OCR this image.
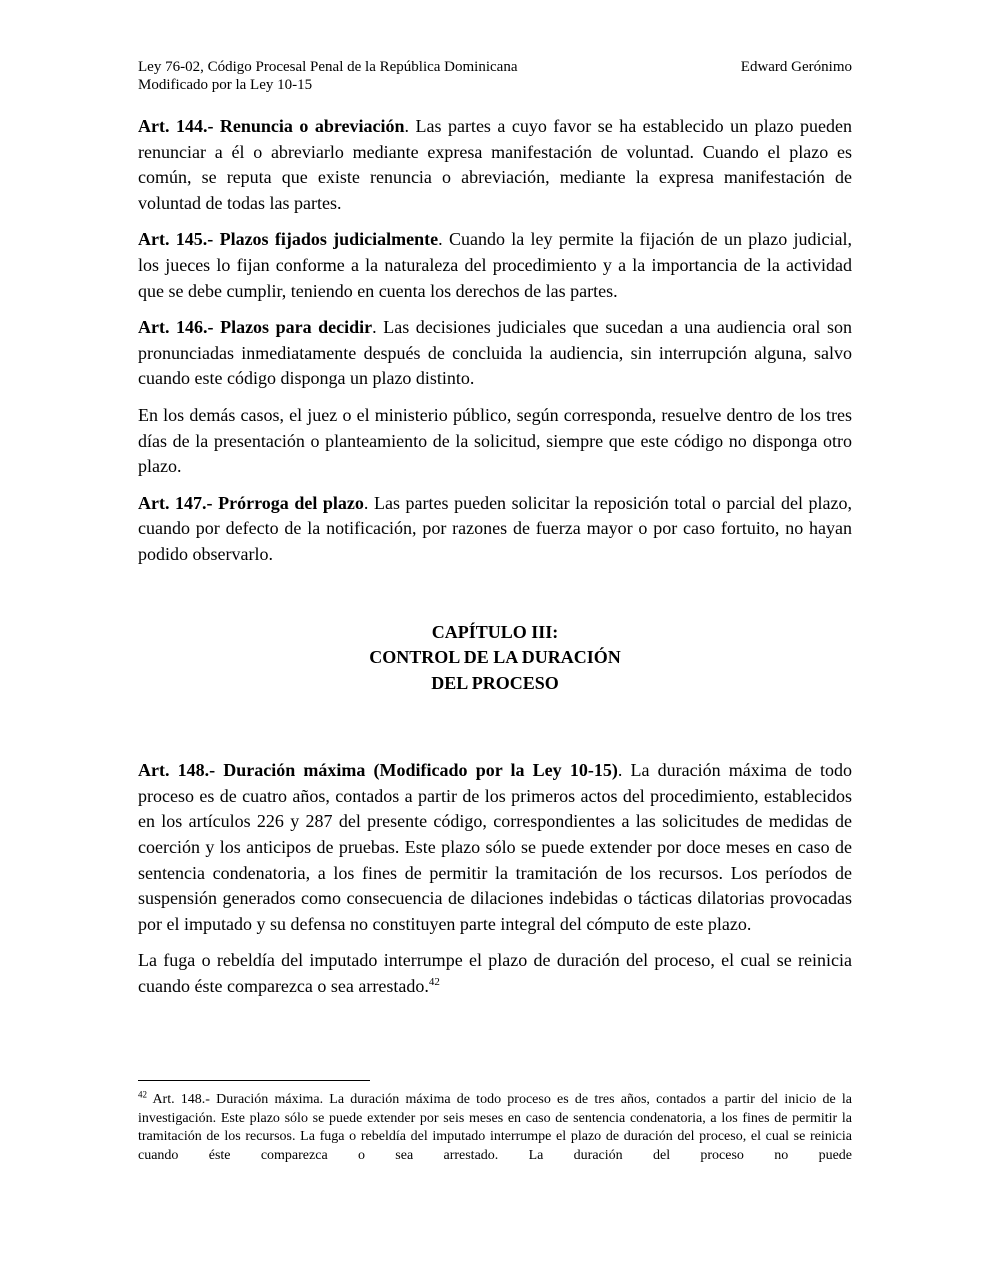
Ley 76-02, Código Procesal Penal de la República Dominicana	Edward Gerónimo
Modificado por la Ley 10-15

Art. 144.- Renuncia o abreviación. Las partes a cuyo favor se ha establecido un plazo pueden renunciar a él o abreviarlo mediante expresa manifestación de voluntad. Cuando el plazo es común, se reputa que existe renuncia o abreviación, mediante la expresa manifestación de voluntad de todas las partes.

Art. 145.- Plazos fijados judicialmente. Cuando la ley permite la fijación de un plazo judicial, los jueces lo fijan conforme a la naturaleza del procedimiento y a la importancia de la actividad que se debe cumplir, teniendo en cuenta los derechos de las partes.

Art. 146.- Plazos para decidir. Las decisiones judiciales que sucedan a una audiencia oral son pronunciadas inmediatamente después de concluida la audiencia, sin interrupción alguna, salvo cuando este código disponga un plazo distinto.

En los demás casos, el juez o el ministerio público, según corresponda, resuelve dentro de los tres días de la presentación o planteamiento de la solicitud, siempre que este código no disponga otro plazo.

Art. 147.- Prórroga del plazo. Las partes pueden solicitar la reposición total o parcial del plazo, cuando por defecto de la notificación, por razones de fuerza mayor o por caso fortuito, no hayan podido observarlo.

CAPÍTULO III:
CONTROL DE LA DURACIÓN
DEL PROCESO

Art. 148.- Duración máxima (Modificado por la Ley 10-15). La duración máxima de todo proceso es de cuatro años, contados a partir de los primeros actos del procedimiento, establecidos en los artículos 226 y 287 del presente código, correspondientes a las solicitudes de medidas de coerción y los anticipos de pruebas. Este plazo sólo se puede extender por doce meses en caso de sentencia condenatoria, a los fines de permitir la tramitación de los recursos. Los períodos de suspensión generados como consecuencia de dilaciones indebidas o tácticas dilatorias provocadas por el imputado y su defensa no constituyen parte integral del cómputo de este plazo.

La fuga o rebeldía del imputado interrumpe el plazo de duración del proceso, el cual se reinicia cuando éste comparezca o sea arrestado.$^{42}$

$^{42}$ Art. 148.- Duración máxima. La duración máxima de todo proceso es de tres años, contados a partir del inicio de la investigación. Este plazo sólo se puede extender por seis meses en caso de sentencia condenatoria, a los fines de permitir la tramitación de los recursos. La fuga o rebeldía del imputado interrumpe el plazo de duración del proceso, el cual se reinicia cuando éste comparezca o sea arrestado. La duración del proceso no puede
